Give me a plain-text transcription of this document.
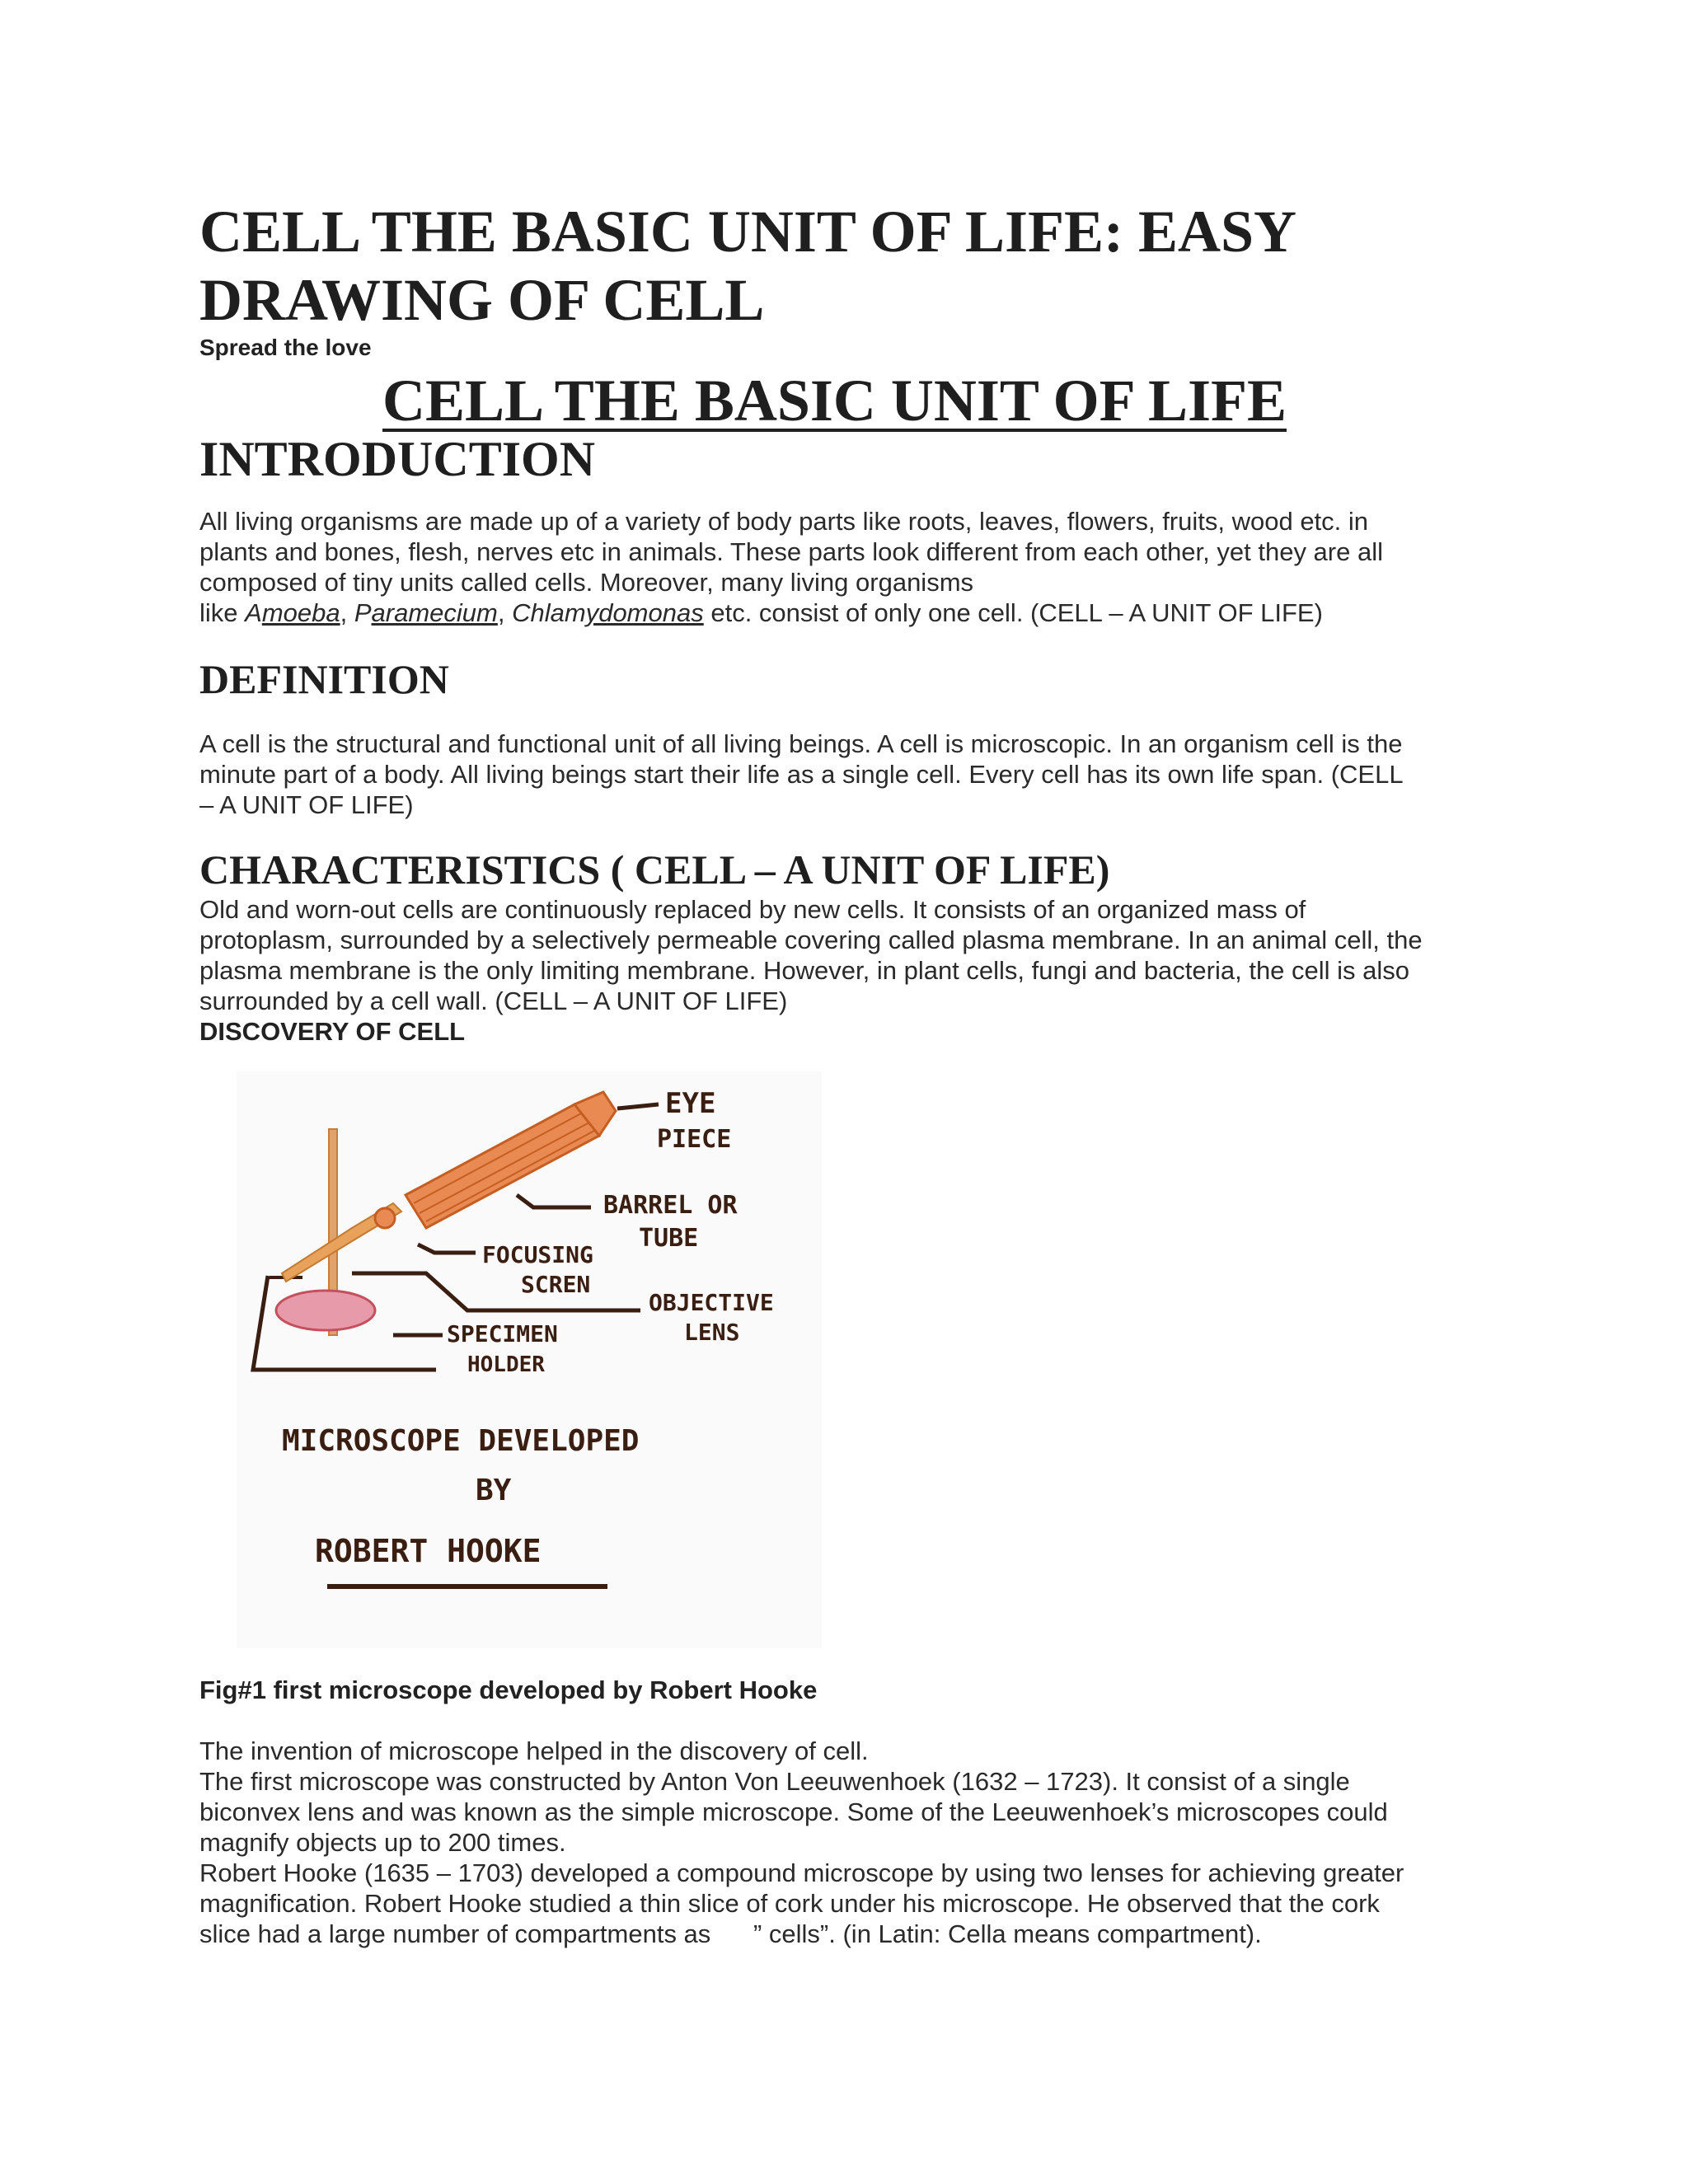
CELL THE BASIC UNIT OF LIFE: EASY
DRAWING OF CELL

Spread the love

CELL THE BASIC UNIT OF LIFE
INTRODUCTION
All living organisms are made up of a variety of body parts like roots, leaves, flowers, fruits, wood etc. in
plants and bones, flesh, nerves etc in animals. These parts look different from each other, yet they are all
composed of tiny units called cells. Moreover, many living organisms
like Amoeba, Paramecium, Chlamydomonas etc. consist of only one cell. (CELL – A UNIT OF LIFE)
DEFINITION
A cell is the structural and functional unit of all living beings. A cell is microscopic. In an organism cell is the
minute part of a body. All living beings start their life as a single cell. Every cell has its own life span. (CELL
– A UNIT OF LIFE)
CHARACTERISTICS ( CELL – A UNIT OF LIFE)
Old and worn-out cells are continuously replaced by new cells. It consists of an organized mass of
protoplasm, surrounded by a selectively permeable covering called plasma membrane. In an animal cell, the
plasma membrane is the only limiting membrane. However, in plant cells, fungi and bacteria, the cell is also
surrounded by a cell wall. (CELL – A UNIT OF LIFE)

DISCOVERY OF CELL

EYE
PIECE
BARREL OR
TUBE
FOCUSING
SCREN
OBJECTIVE
LENS
SPECIMEN
HOLDER
MICROSCOPE DEVELOPED
BY
ROBERT HOOKE

Fig#1 first microscope developed by Robert Hooke

The invention of microscope helped in the discovery of cell.
The first microscope was constructed by Anton Von Leeuwenhoek (1632 – 1723). It consist of a single
biconvex lens and was known as the simple microscope. Some of the Leeuwenhoek’s microscopes could
magnify objects up to 200 times.
Robert Hooke (1635 – 1703) developed a compound microscope by using two lenses for achieving greater
magnification. Robert Hooke studied a thin slice of cork under his microscope. He observed that the cork
slice had a large number of compartments as      ” cells”. (in Latin: Cella means compartment).
